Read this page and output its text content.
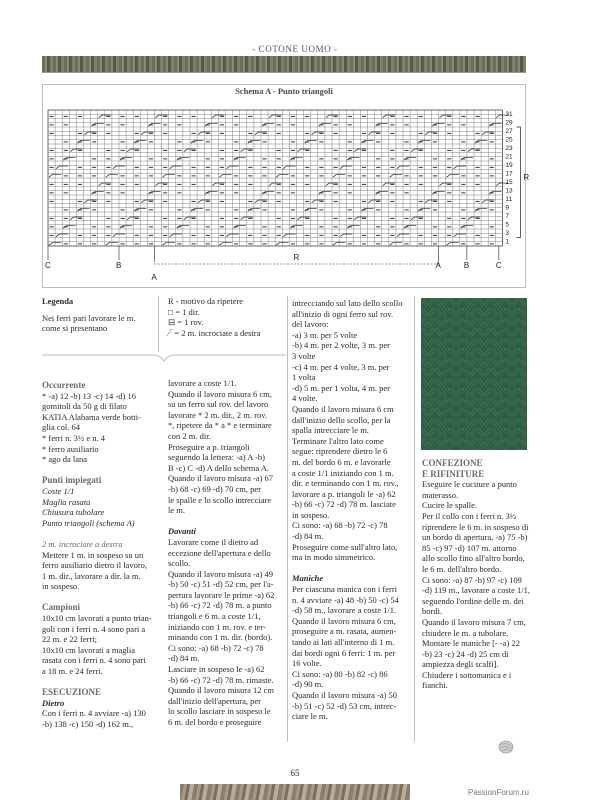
- COTONE UOMO -
Schema A - Punto triangoli
31
29
27
25
23
21
19
17
15
13
11
9
7
5
3
1
R
C	B
A
R
A	B	C
Legenda
Nei ferri pari lavorare le m.
come si presentano
R - motivo da ripetere
□ = 1 dir.
⊟ = 1 rov.
⁄‾ = 2 m. incrociate a destra
Occorrente
* -a) 12 -b) 13 -c) 14 -d) 16
gomitoli da 50 g di filato
KATIA Alabama verde botti-
glia col. 64
* ferri n. 3½ e n. 4
* ferro ausiliario
* ago da lana

Punti impiegati
Coste 1/1
Maglia rasata
Chiusura tubolare
Punto triangoli (schema A)

2 m. incrociate a destra
Mettere 1 m. in sospeso su un
ferro ausiliario dietro il lavoro,
1 m. dir., lavorare a dir. la m.
in sospeso.

Campioni
10x10 cm lavorati a punto trian-
goli con i ferri n. 4 sono pari a
22 m. e 22 ferri;
10x10 cm lavorati a maglia
rasata con i ferri n. 4 sono pari
a 18 m. e 24 ferri.

ESECUZIONE
Dietro
Con i ferri n. 4 avviare -a) 130
-b) 138 -c) 150 -d) 162 m.,
lavorare a coste 1/1.
Quando il lavoro misura 6 cm,
su un ferro sul rov. del lavoro
lavorare * 2 m. dir., 2 m. rov.
*, ripetere da * a * e terminare
con 2 m. dir.
Proseguire a p. triangoli
seguendo la lettera: -a) A -b)
B -c) C -d) A dello schema A.
Quando il lavoro misura -a) 67
-b) 68 -c) 69 -d) 70 cm, per
le spalle e lo scollo intrecciare
le m.

Davanti
Lavorare come il dietro ad
eccezione dell'apertura e dello
scollo.
Quando il lavoro misura -a) 49
-b) 50 -c) 51 -d) 52 cm, per l'a-
pertura lavorare le prime -a) 62
-b) 66 -c) 72 -d) 78 m. a punto
triangoli e 6 m. a coste 1/1,
iniziando con 1 m. rov. e ter-
minando con 1 m. dir. (bordo).
Ci sono: -a) 68 -b) 72 -c) 78
-d) 84 m.
Lasciare in sospeso le -a) 62
-b) 66 -c) 72 -d) 78 m. rimaste.
Quando il lavoro misura 12 cm
dall'inizio dell'apertura, per
lo scollo lasciare in sospeso le
6 m. del bordo e proseguire
intrecciando sul lato dello scollo
all'inizio di ogni ferro sul rov.
del lavoro:
-a) 3 m. per 5 volte
-b) 4 m. per 2 volte, 3 m. per
3 volte
-c) 4 m. per 4 volte, 3 m. per
1 volta
-d) 5 m. per 1 volta, 4 m. per
4 volte.
Quando il lavoro misura 6 cm
dall'inizio dello scollo, per la
spalla intrecciare le m.
Terminare l'altro lato come
segue: riprendere dietro le 6
m. del bordo 6 m. e lavorarle
a coste 1/1 iniziando con 1 m.
dir. e terminando con 1 m. rov.,
lavorare a p. triangoli le -a) 62
-b) 66 -c) 72 -d) 78 m. lasciate
in sospeso.
Ci sono: -a) 68 -b) 72 -c) 78
-d) 84 m.
Proseguire come sull'altro lato,
ma in modo simmetrico.

Maniche
Per ciascuna manica con i ferri
n. 4 avviare -a) 48 -b) 50 -c) 54
-d) 58 m., lavorare a coste 1/1.
Quando il lavoro misura 6 cm,
proseguire a m. rasata, aumen-
tando ai lati all'interno di 1 m.
dai bordi ogni 6 ferri: 1 m. per
16 volte.
Ci sono: -a) 80 -b) 82 -c) 86
-d) 90 m.
Quando il lavoro misura -a) 50
-b) 51 -c) 52 -d) 53 cm, intrec-
ciare le m.
CONFEZIONE
E RIFINITURE
Eseguire le cuciture a punto
materasso.
Cucire le spalle.
Per il collo con i ferri n. 3½
riprendere le 6 m. in sospeso di
un bordo di apertura, -a) 75 -b)
85 -c) 97 -d) 107 m. attorno
allo scollo fino all'altro bordo,
le 6 m. dell'altro bordo.
Ci sono: -a) 87 -b) 97 -c) 109
-d) 119 m., lavorare a coste 1/1,
seguendo l'ordine delle m. dei
bordi.
Quando il lavoro misura 7 cm,
chiudere le m. a tubolare.
Montare le maniche [- -a) 22
-b) 23 -c) 24 -d) 25 cm di
ampiezza degli scalfi].
Chiudere i sottomanica e i
fianchi.
65
PassionForum.ru
